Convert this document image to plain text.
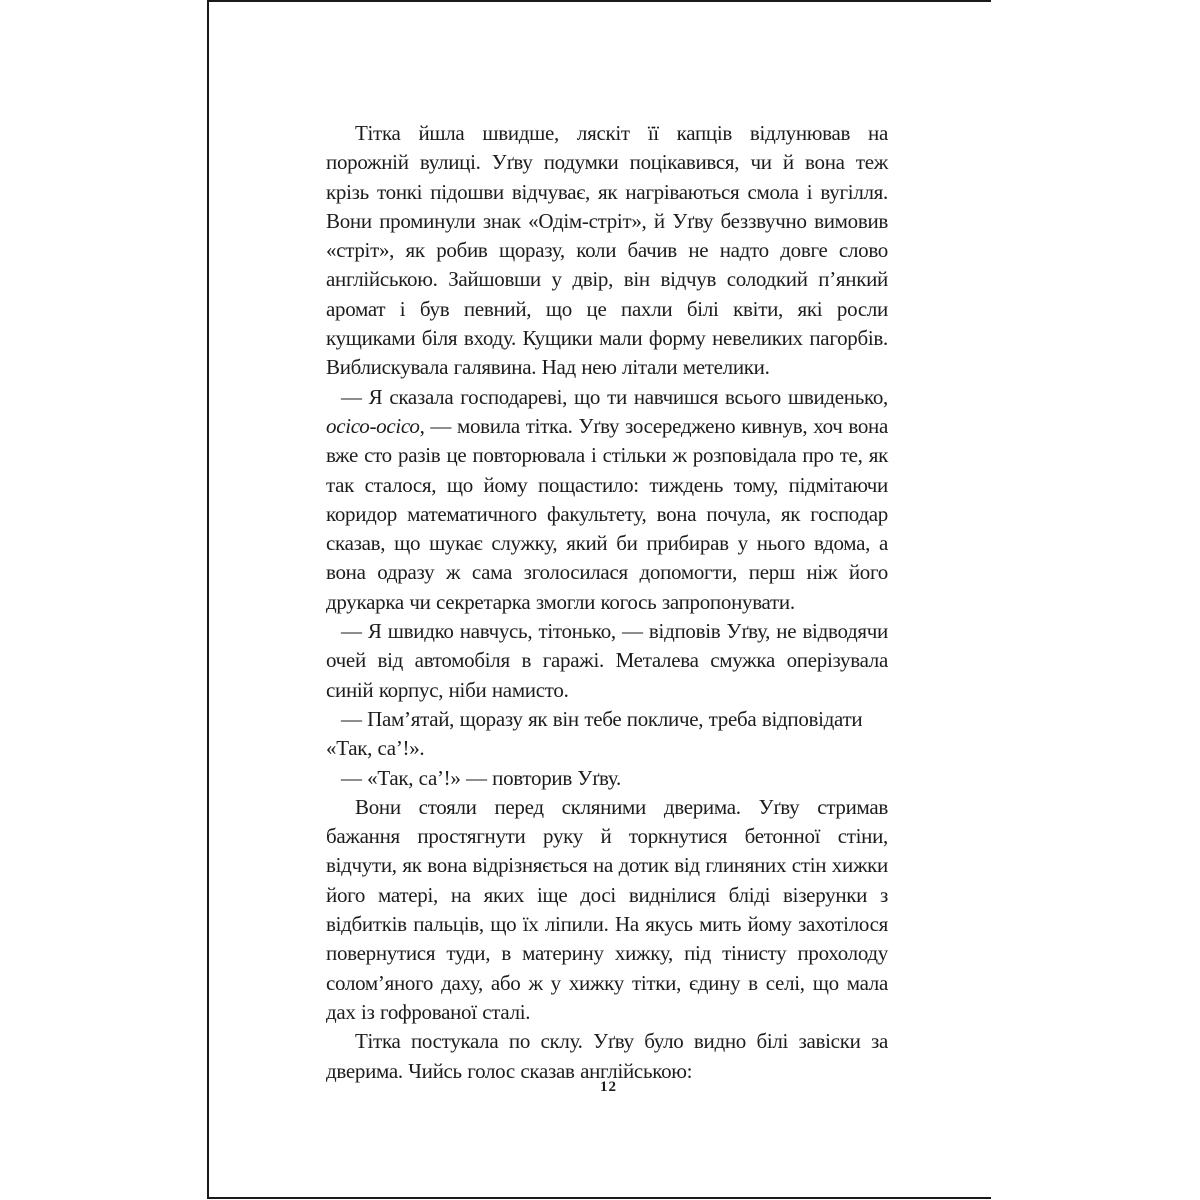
Тітка йшла швидше, ляскіт її капців відлунював на порожній вулиці. Уґву подумки поцікавився, чи й вона теж крізь тонкі підошви відчуває, як нагріваються смола і вугілля. Вони проминули знак «Одім-стріт», й Уґву беззвучно вимовив «стріт», як робив щоразу, коли бачив не надто довге слово англійською. Зайшовши у двір, він відчув солодкий п’янкий аромат і був певний, що це пахли білі квіти, які росли кущиками біля входу. Кущики мали форму невеликих пагорбів. Виблискувала галявина. Над нею літали метелики.

— Я сказала господареві, що ти навчишся всього швиденько, осісо-осісо, — мовила тітка. Уґву зосереджено кивнув, хоч вона вже сто разів це повторювала і стільки ж розповідала про те, як так сталося, що йому пощастило: тиждень тому, підмітаючи коридор математичного факультету, вона почула, як господар сказав, що шукає служку, який би прибирав у нього вдома, а вона одразу ж сама зголосилася допомогти, перш ніж його друкарка чи секретарка змогли когось запропонувати.

— Я швидко навчусь, тітонько, — відповів Уґву, не відводячи очей від автомобіля в гаражі. Металева смужка оперізувала синій корпус, ніби намисто.

— Пам’ятай, щоразу як він тебе покличе, треба відповідати

«Так, са’!».

— «Так, са’!» — повторив Уґву.

Вони стояли перед скляними дверима. Уґву стримав бажання простягнути руку й торкнутися бетонної стіни, відчути, як вона відрізняється на дотик від глиняних стін хижки його матері, на яких іще досі виднілися бліді візерунки з відбитків пальців, що їх ліпили. На якусь мить йому захотілося повернутися туди, в материну хижку, під тінисту прохолоду солом’яного даху, або ж у хижку тітки, єдину в селі, що мала дах із гофрованої сталі.

Тітка постукала по склу. Уґву було видно білі завіски за дверима. Чийсь голос сказав англійською:

12
